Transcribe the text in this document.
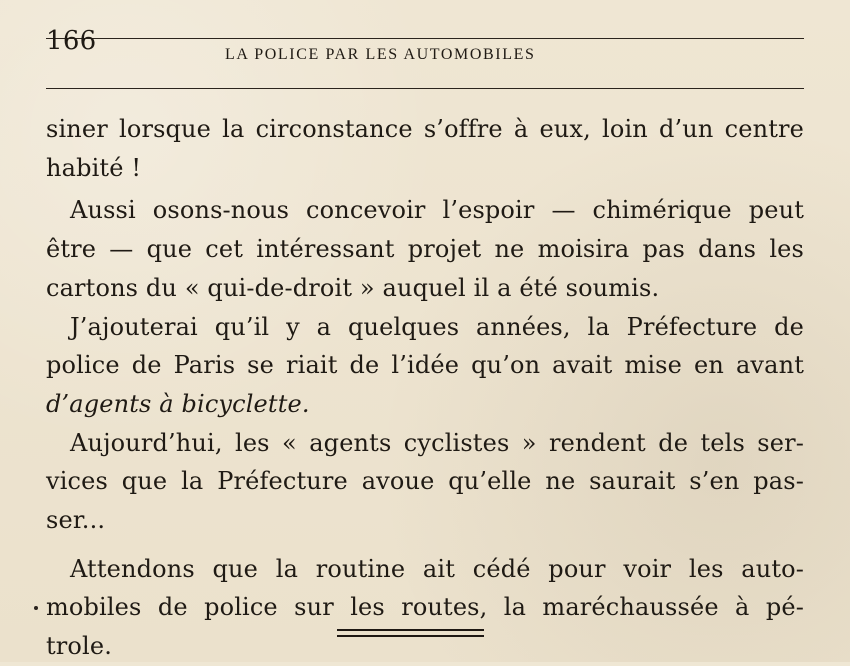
166	LA POLICE PAR LES AUTOMOBILES
siner lorsque la circonstance s’offre à eux, loin d’un centre
habité !
Aussi osons-nous concevoir l’espoir — chimérique peut
être — que cet intéressant projet ne moisira pas dans les
cartons du « qui-de-droit » auquel il a été soumis.
J’ajouterai qu’il y a quelques années, la Préfecture de
police de Paris se riait de l’idée qu’on avait mise en avant
d’agents à bicyclette.
Aujourd’hui, les « agents cyclistes » rendent de tels ser-
vices que la Préfecture avoue qu’elle ne saurait s’en pas-
ser...
Attendons que la routine ait cédé pour voir les auto-
mobiles de police sur les routes, la maréchaussée à pé-
trole.
